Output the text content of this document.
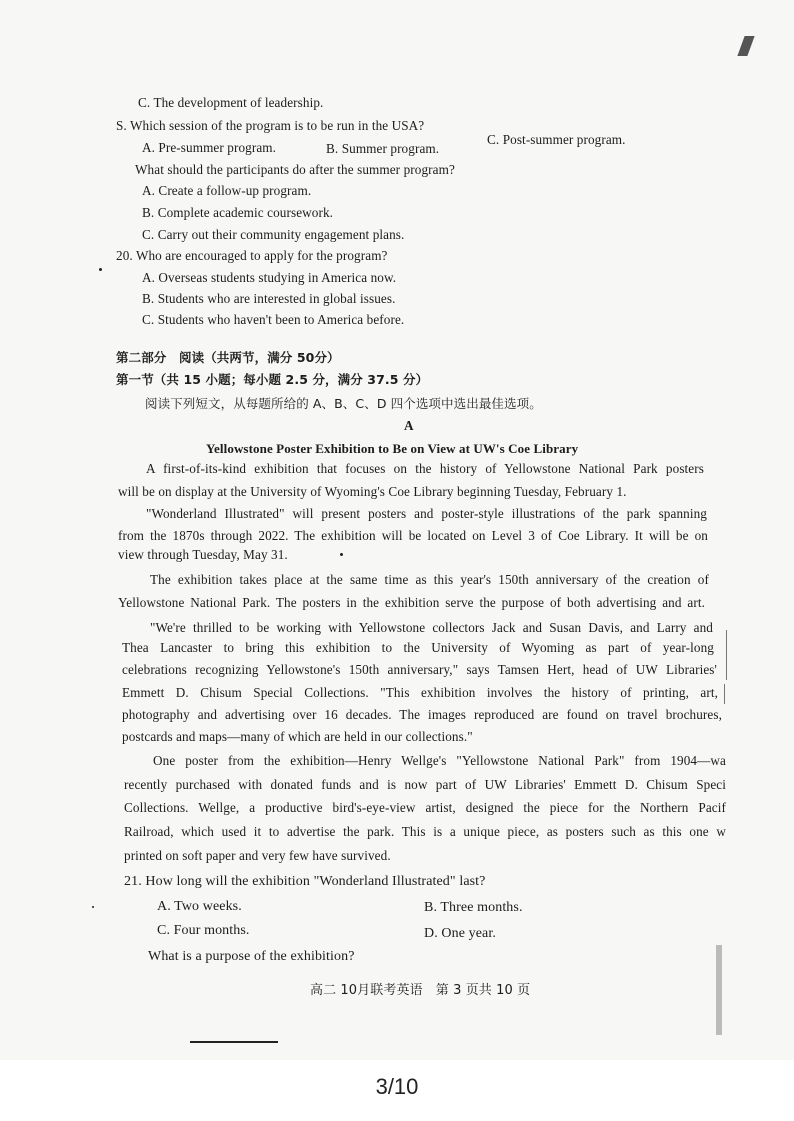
C. The development of leadership.
S. Which session of the program is to be run in the USA?
A. Pre-summer program.	B. Summer program.
C. Post-summer program.
What should the participants do after the summer program?
A. Create a follow-up program.
B. Complete academic coursework.
C. Carry out their community engagement plans.
20. Who are encouraged to apply for the program?
A. Overseas students studying in America now.
B. Students who are interested in global issues.
C. Students who haven't been to America before.
第二部分　阅读（共两节，满分 50分）
第一节（共 15 小题；每小题 2.5 分，满分 37.5 分）
阅读下列短文，从每题所给的 A、B、C、D 四个选项中选出最佳选项。
A
Yellowstone Poster Exhibition to Be on View at UW's Coe Library
A first-of-its-kind exhibition that focuses on the history of Yellowstone National Park posters
will be on display at the University of Wyoming's Coe Library beginning Tuesday, February 1.
"Wonderland Illustrated" will present posters and poster-style illustrations of the park spanning
from the 1870s through 2022. The exhibition will be located on Level 3 of Coe Library. It will be on
view through Tuesday, May 31.
The exhibition takes place at the same time as this year's 150th anniversary of the creation of
Yellowstone National Park. The posters in the exhibition serve the purpose of both advertising and art.
"We're thrilled to be working with Yellowstone collectors Jack and Susan Davis, and Larry and
Thea Lancaster to bring this exhibition to the University of Wyoming as part of year-long
celebrations recognizing Yellowstone's 150th anniversary," says Tamsen Hert, head of UW Libraries'
Emmett D. Chisum Special Collections. "This exhibition involves the history of printing, art,
photography and advertising over 16 decades. The images reproduced are found on travel brochures,
postcards and maps—many of which are held in our collections."
One poster from the exhibition—Henry Wellge's "Yellowstone National Park" from 1904—wa
recently purchased with donated funds and is now part of UW Libraries' Emmett D. Chisum Speci
Collections. Wellge, a productive bird's-eye-view artist, designed the piece for the Northern Pacif
Railroad, which used it to advertise the park. This is a unique piece, as posters such as this one w
printed on soft paper and very few have survived.
21. How long will the exhibition "Wonderland Illustrated" last?
A. Two weeks.	B. Three months.
C. Four months.	D. One year.
What is a purpose of the exhibition?
高二 10月联考英语　第 3 页共 10 页
3/10
